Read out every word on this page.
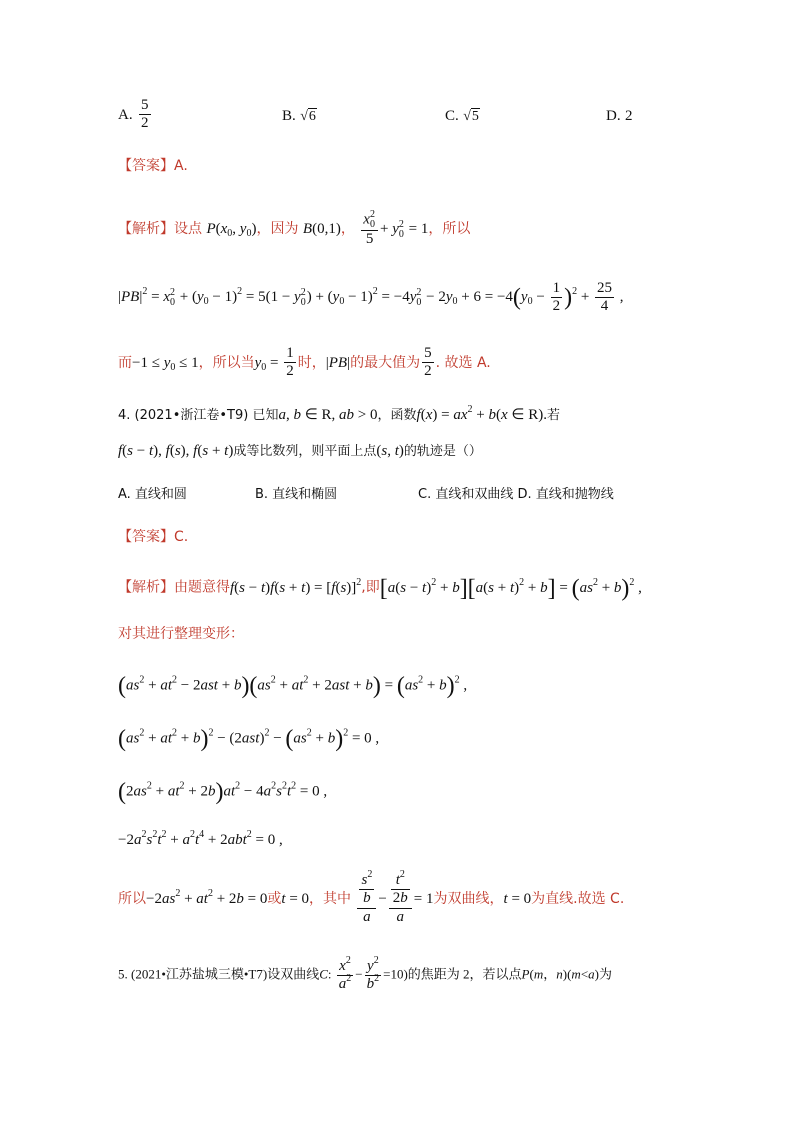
A. $\frac{5}{2}$	B. √6	C. √5	D. 2
【答案】A.
【解析】设点 $P(x_0$, $y_0$)，因为 B(0,1)， x 2
0
5 + y 2
0 = 1，所以
$|PB|^2 = x$ 2
$0 + (y_0 - 1)^2 = 5(1 - y$ 2
0 ) + $(y_0 - 1)^2 = -4y$ 2
$0 - 2y_0 + 6 = -4(y_0 - \frac{1}{2} )^2 + \frac{25}{4}$ ,
而$-1 \le y_0 \le 1$，所以当$y_0 = \frac{1}{2}$ 时，|PB|的最大值为 $\frac{5}{2}$ . 故选 A.
4. (2021•浙江卷•T9) 已知a, b ∈ R, ab > 0，函数$f(x) = ax^2 + b(x$ ∈ R).若
f(s − t), f(s), f(s + t)成等比数列，则平面上点(s, t)的轨迹是（）
A. 直线和圆	B. 直线和椭圆	C. 直线和双曲线 D. 直线和抛物线
【答案】C.
【解析】由题意得$f(s - t)f(s + t) = [f(s)]^2$,即$[a(s - t)^2 + b][a(s + t)^2 + b] = (as^2 + b)^2$ ,
对其进行整理变形：
$(as^2 + at^2 - 2ast + b)(as^2 + at^2 + 2ast + b) = (as^2 + b)^2$ ,
$(as^2 + at^2 + b)^2 - (2ast)^2 - (as^2 + b)^2 = 0$ ,
$(2as^2 + at^2 + 2b)at^2 - 4a^2s^2t^2 = 0$ ,
$-2a^2s^2t^2 + a^2t^4 + 2abt^2 = 0$ ,
所以$-2as^2 + at^2 + 2b = 0$或t = 0，其中 $\frac{\frac{s^2}{b}}{a} - \frac{\frac{t^2}{2b}}{a} = 1$为双曲线，t = 0为直线.故选 C.
5. (2021•江苏盐城三模•T7)设双曲线C: $\frac{x^2}{a^2} - \frac{y^2}{b^2} =10$)的焦距为 2，若以点P(m，n)(m<a)为
